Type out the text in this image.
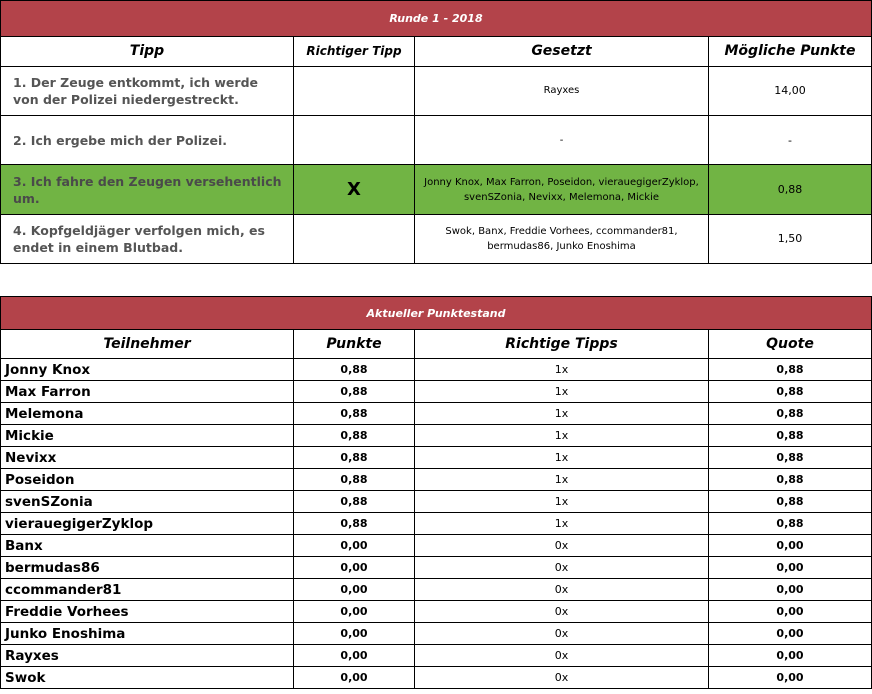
Runde 1 - 2018			
Tipp	Richtiger Tipp	Gesetzt	Mögliche Punkte
1. Der Zeuge entkommt, ich werde von der Polizei niedergestreckt.		Rayxes	14,00
2. Ich ergebe mich der Polizei.		-	-
3. Ich fahre den Zeugen versehentlich um.	X	Jonny Knox, Max Farron, Poseidon, vierauegigerZyklop, svenSZonia, Nevixx, Melemona, Mickie	0,88
4. Kopfgeldjäger verfolgen mich, es endet in einem Blutbad.		Swok, Banx, Freddie Vorhees, ccommander81, bermudas86, Junko Enoshima	1,50
Aktueller Punktestand			
Teilnehmer	Punkte	Richtige Tipps	Quote
Jonny Knox	0,88	1x	0,88
Max Farron	0,88	1x	0,88
Melemona	0,88	1x	0,88
Mickie	0,88	1x	0,88
Nevixx	0,88	1x	0,88
Poseidon	0,88	1x	0,88
svenSZonia	0,88	1x	0,88
vierauegigerZyklop	0,88	1x	0,88
Banx	0,00	0x	0,00
bermudas86	0,00	0x	0,00
ccommander81	0,00	0x	0,00
Freddie Vorhees	0,00	0x	0,00
Junko Enoshima	0,00	0x	0,00
Rayxes	0,00	0x	0,00
Swok	0,00	0x	0,00
